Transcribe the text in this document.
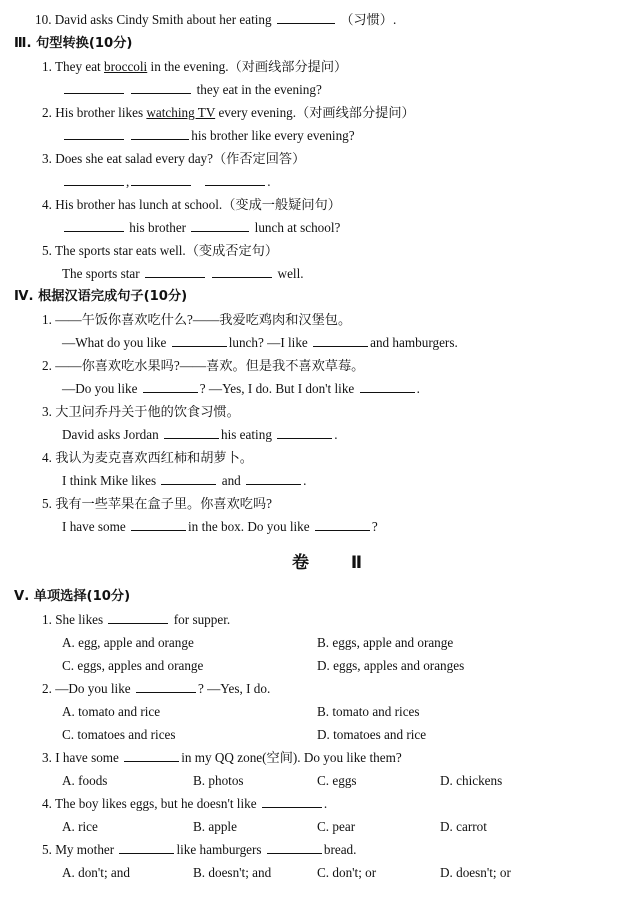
10. David asks Cindy Smith about her eating	（习惯）.
Ⅲ. 句型转换(10分)
1. They eat broccoli in the evening.（对画线部分提问）
they eat in the evening?
2. His brother likes watching TV every evening.（对画线部分提问）
his brother like every evening?
3. Does she eat salad every day?（作否定回答）
,	.
4. His brother has lunch at school.（变成一般疑问句）
his brother	lunch at school?
5. The sports star eats well.（变成否定句）
The sports star	well.
Ⅳ. 根据汉语完成句子(10分)
1. ——午饭你喜欢吃什么?——我爱吃鸡肉和汉堡包。
—What do you like	lunch? —I like	and hamburgers.
2. ——你喜欢吃水果吗?——喜欢。但是我不喜欢草莓。
—Do you like	? —Yes, I do. But I don't like	.
3. 大卫问乔丹关于他的饮食习惯。
David asks Jordan	his eating	.
4. 我认为麦克喜欢西红柿和胡萝卜。
I think Mike likes	and	.
5. 我有一些苹果在盒子里。你喜欢吃吗?
I have some	in the box. Do you like	?
卷 Ⅱ
Ⅴ. 单项选择(10分)
1. She likes	for supper.
A. egg, apple and orange	B. eggs, apple and orange
C. eggs, apples and orange	D. eggs, apples and oranges
2. —Do you like	? —Yes, I do.
A. tomato and rice	B. tomato and rices
C. tomatoes and rices	D. tomatoes and rice
3. I have some	in my QQ zone(空间). Do you like them?
A. foods	B. photos	C. eggs	D. chickens
4. The boy likes eggs, but he doesn't like	.
A. rice	B. apple	C. pear	D. carrot
5. My mother	like hamburgers	bread.
A. don't; and	B. doesn't; and	C. don't; or	D. doesn't; or
